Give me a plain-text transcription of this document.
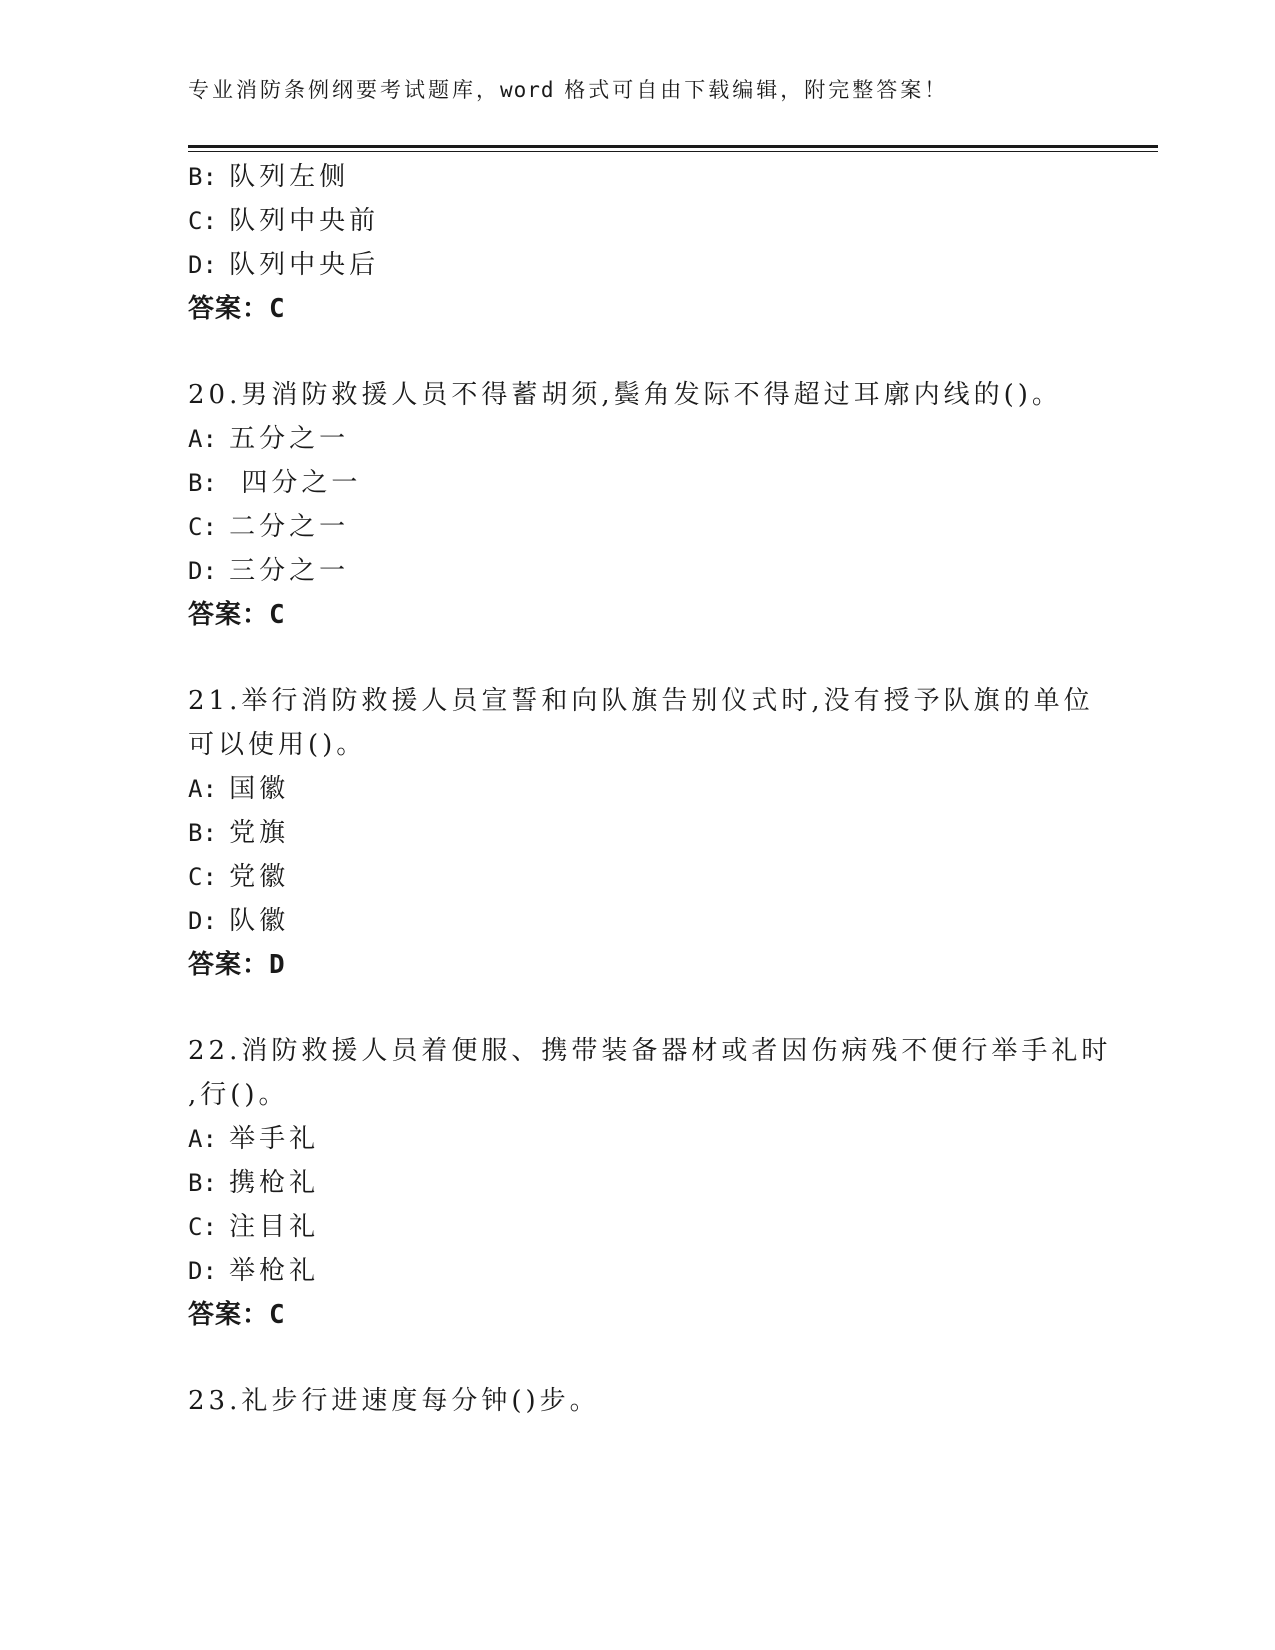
专业消防条例纲要考试题库，word 格式可自由下载编辑，附完整答案！
B: 队列左侧
C: 队列中央前
D: 队列中央后
答案：C
20.男消防救援人员不得蓄胡须,鬓角发际不得超过耳廓内线的()。
A: 五分之一
B:  四分之一
C: 二分之一
D: 三分之一
答案：C
21.举行消防救援人员宣誓和向队旗告别仪式时,没有授予队旗的单位
可以使用()。
A: 国徽
B: 党旗
C: 党徽
D: 队徽
答案：D
22.消防救援人员着便服、携带装备器材或者因伤病残不便行举手礼时
,行()。
A: 举手礼
B: 携枪礼
C: 注目礼
D: 举枪礼
答案：C
23.礼步行进速度每分钟()步。
